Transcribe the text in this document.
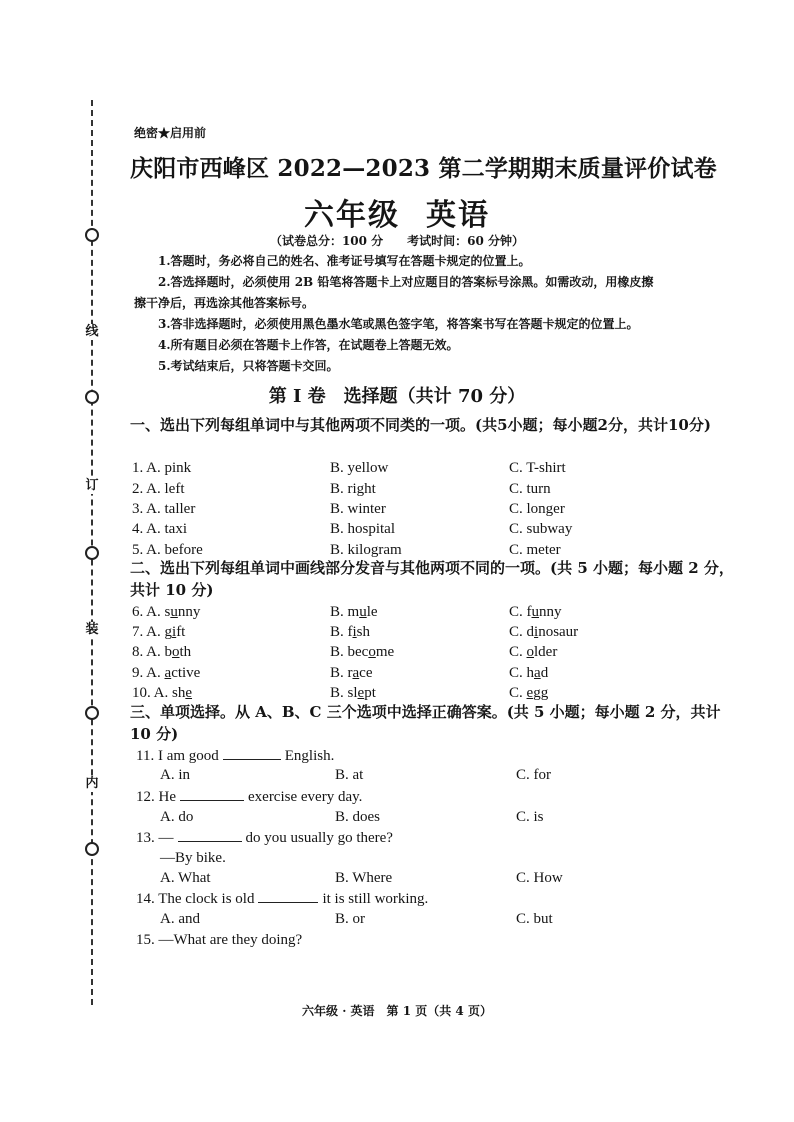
线
订
装
内
绝密★启用前
庆阳市西峰区 2022—2023 第二学期期末质量评价试卷
六年级 英语
（试卷总分：100 分 考试时间：60 分钟）
1.答题时，务必将自己的姓名、准考证号填写在答题卡规定的位置上。
2.答选择题时，必须使用 2B 铅笔将答题卡上对应题目的答案标号涂黑。如需改动，用橡皮擦
擦干净后，再选涂其他答案标号。
3.答非选择题时，必须使用黑色墨水笔或黑色签字笔，将答案书写在答题卡规定的位置上。
4.所有题目必须在答题卡上作答，在试题卷上答题无效。
5.考试结束后，只将答题卡交回。
第 I 卷 选择题（共计 70 分）
一、选出下列每组单词中与其他两项不同类的一项。(共5小题；每小题2分，共计10分)
1. A. pink	B. yellow	C. T-shirt
2. A. left	B. right	C. turn
3. A. taller	B. winter	C. longer
4. A. taxi	B. hospital	C. subway
5. A. before	B. kilogram	C. meter
二、选出下列每组单词中画线部分发音与其他两项不同的一项。(共 5 小题；每小题 2 分，共计 10 分)
6. A. sunny	B. mule	C. funny
7. A. gift	B. fish	C. dinosaur
8. A. both	B. become	C. older
9. A. active	B. race	C. had
10. A. she	B. slept	C. egg
三、单项选择。从 A、B、C 三个选项中选择正确答案。(共 5 小题；每小题 2 分，共计 10 分)
11. I am good	English.
A. in	B. at	C. for
12. He	exercise every day.
A. do	B. does	C. is
13. —	do you usually go there?
—By bike.
A. What	B. Where	C. How
14. The clock is old	it is still working.
A. and	B. or	C. but
15. —What are they doing?
六年级 · 英语　第 1 页（共 4 页）
